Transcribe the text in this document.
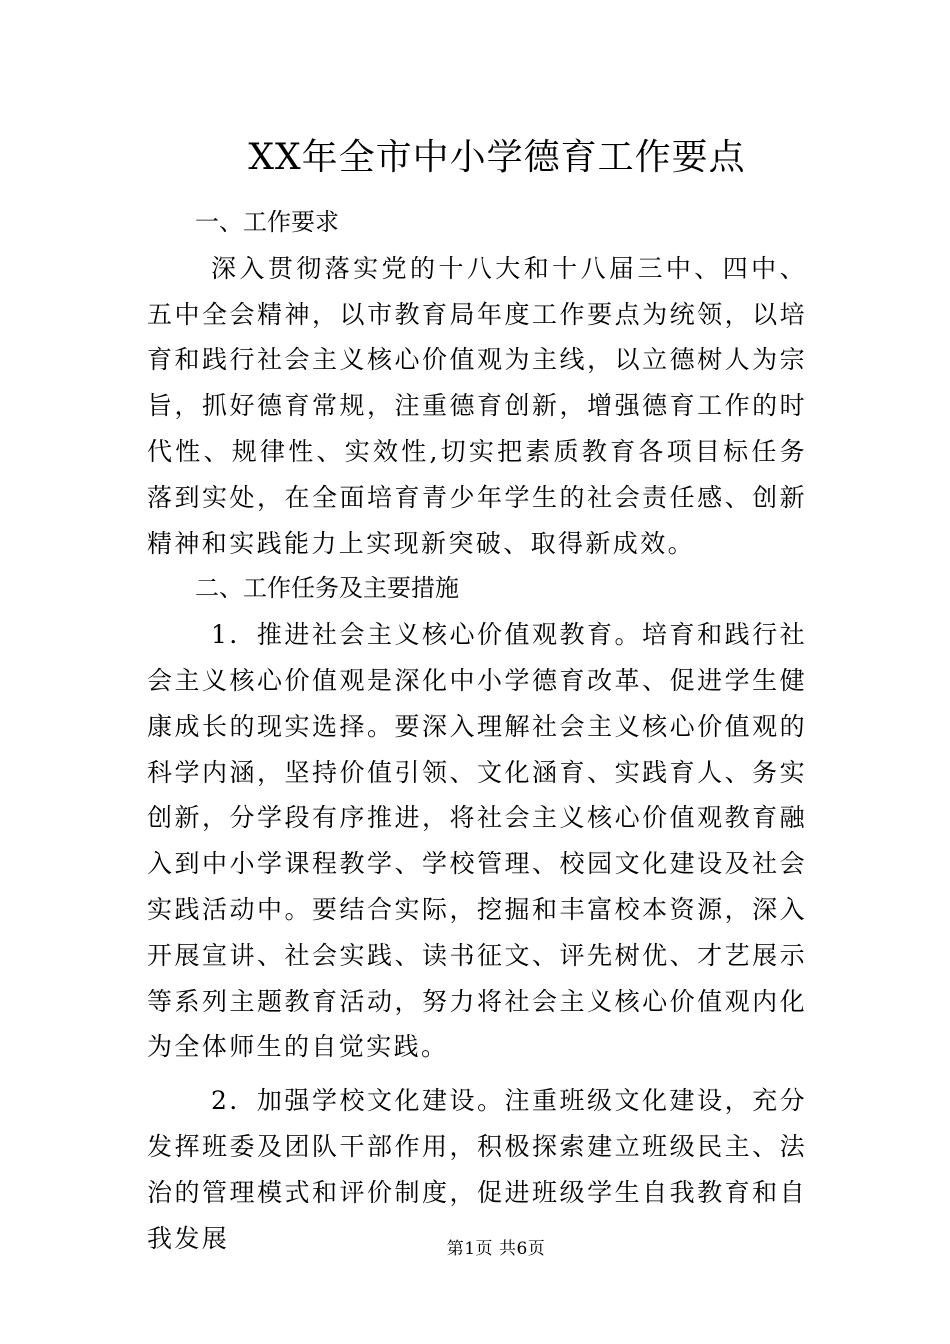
XX年全市中小学德育工作要点
一、工作要求

深入贯彻落实党的十八大和十八届三中、四中、五中全会精神，以市教育局年度工作要点为统领，以培育和践行社会主义核心价值观为主线，以立德树人为宗旨，抓好德育常规，注重德育创新，增强德育工作的时代性、规律性、实效性,切实把素质教育各项目标任务落到实处，在全面培育青少年学生的社会责任感、创新精神和实践能力上实现新突破、取得新成效。

二、工作任务及主要措施

1．推进社会主义核心价值观教育。培育和践行社会主义核心价值观是深化中小学德育改革、促进学生健康成长的现实选择。要深入理解社会主义核心价值观的科学内涵，坚持价值引领、文化涵育、实践育人、务实创新，分学段有序推进，将社会主义核心价值观教育融入到中小学课程教学、学校管理、校园文化建设及社会实践活动中。要结合实际，挖掘和丰富校本资源，深入开展宣讲、社会实践、读书征文、评先树优、才艺展示等系列主题教育活动，努力将社会主义核心价值观内化为全体师生的自觉实践。

2．加强学校文化建设。注重班级文化建设，充分发挥班委及团队干部作用，积极探索建立班级民主、法治的管理模式和评价制度，促进班级学生自我教育和自我发展	第1页 共6页
